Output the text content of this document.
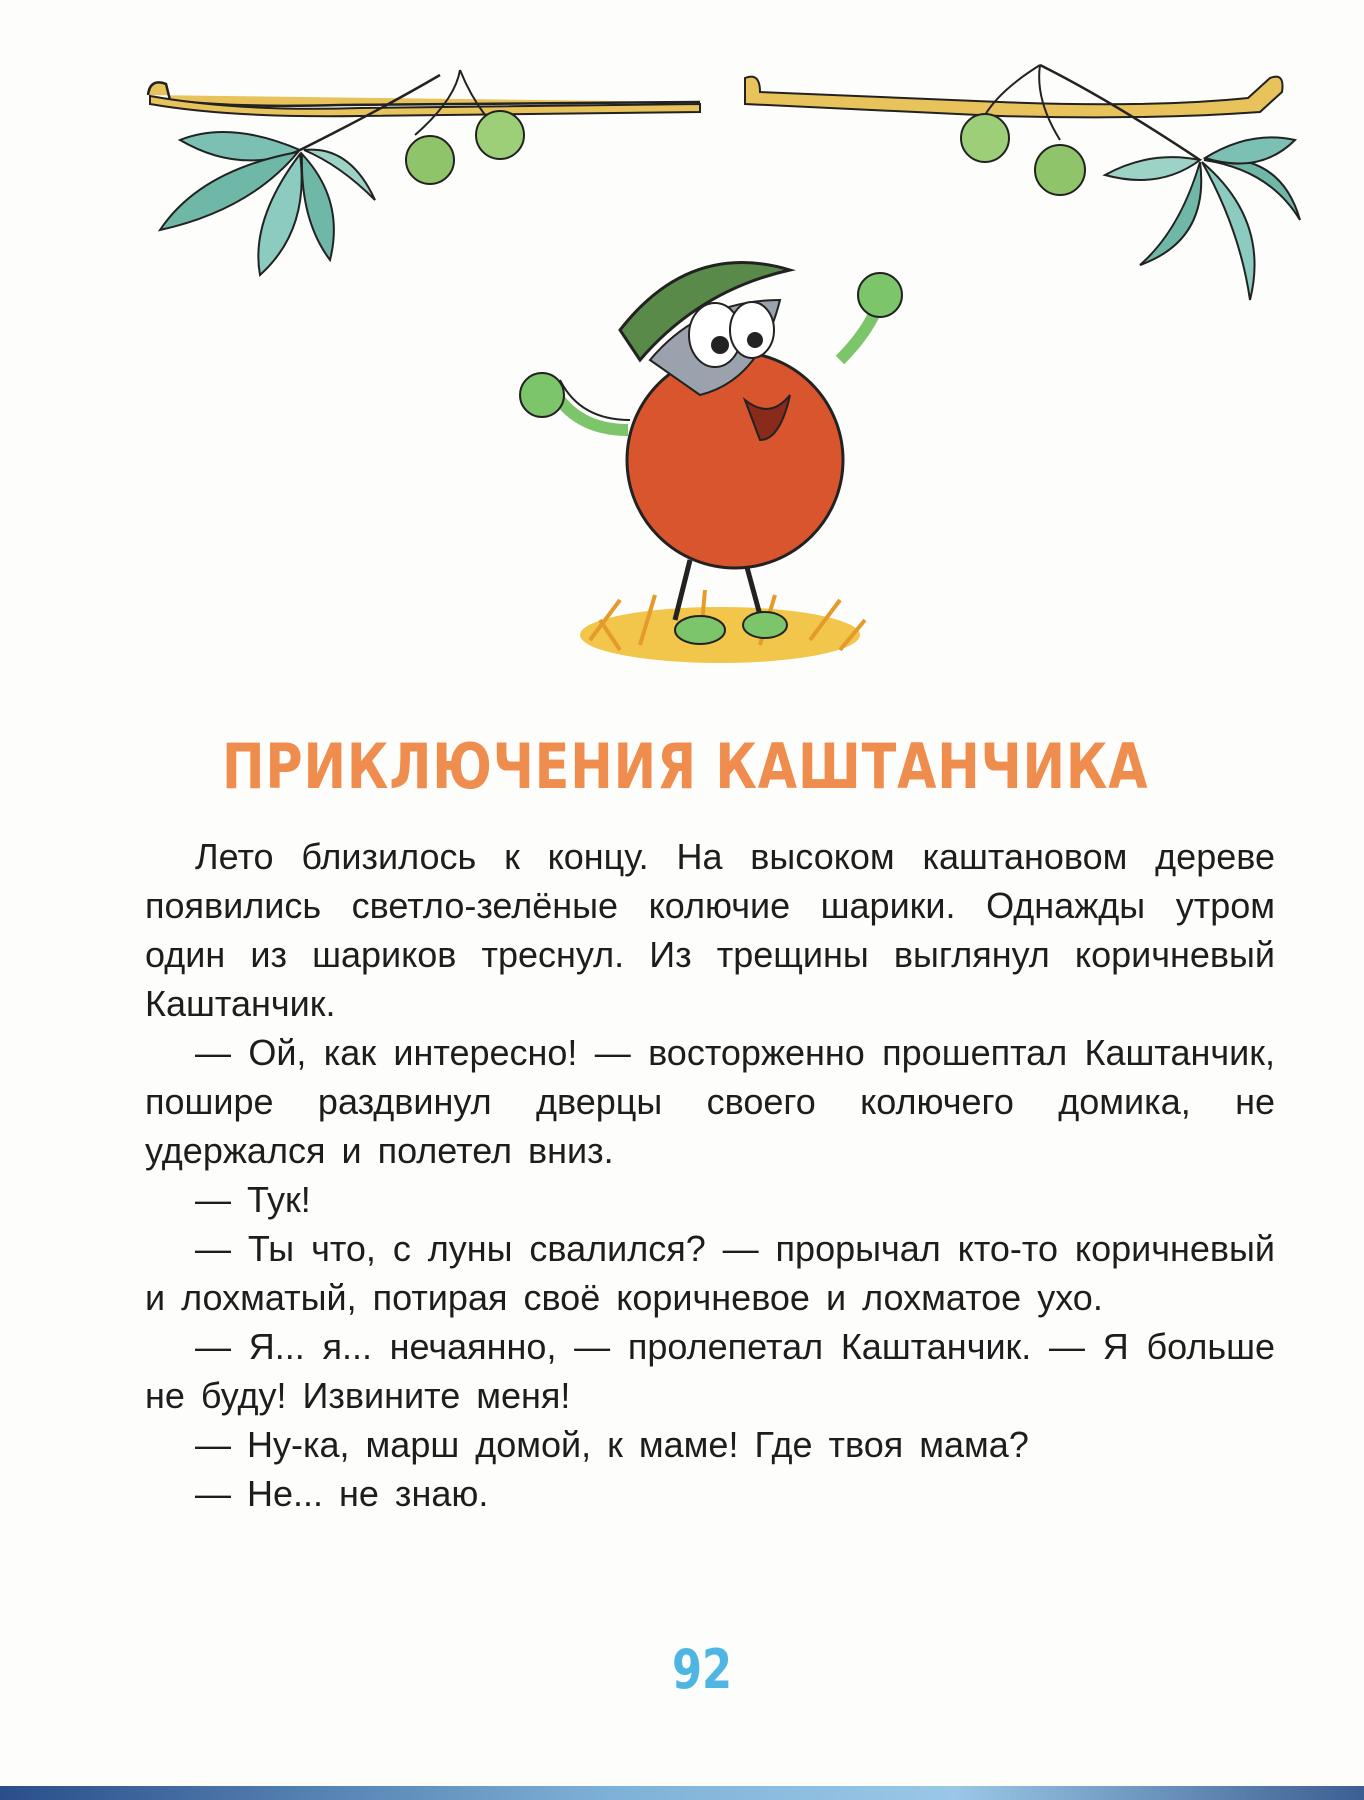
ПРИКЛЮЧЕНИЯ КАШТАНЧИКА

Лето близилось к концу. На высоком каштановом дереве появились светло-зелёные колючие шарики. Однажды утром один из шариков треснул. Из трещины выглянул коричневый Каштанчик.

— Ой, как интересно! — восторженно прошептал Каштанчик, пошире раздвинул дверцы своего колючего домика, не удержался и полетел вниз.

— Тук!

— Ты что, с луны свалился? — прорычал кто-то коричневый и лохматый, потирая своё коричневое и лохматое ухо.

— Я... я... нечаянно, — пролепетал Каштанчик. — Я больше не буду! Извините меня!

— Ну-ка, марш домой, к маме! Где твоя мама?

— Не... не знаю.

92
